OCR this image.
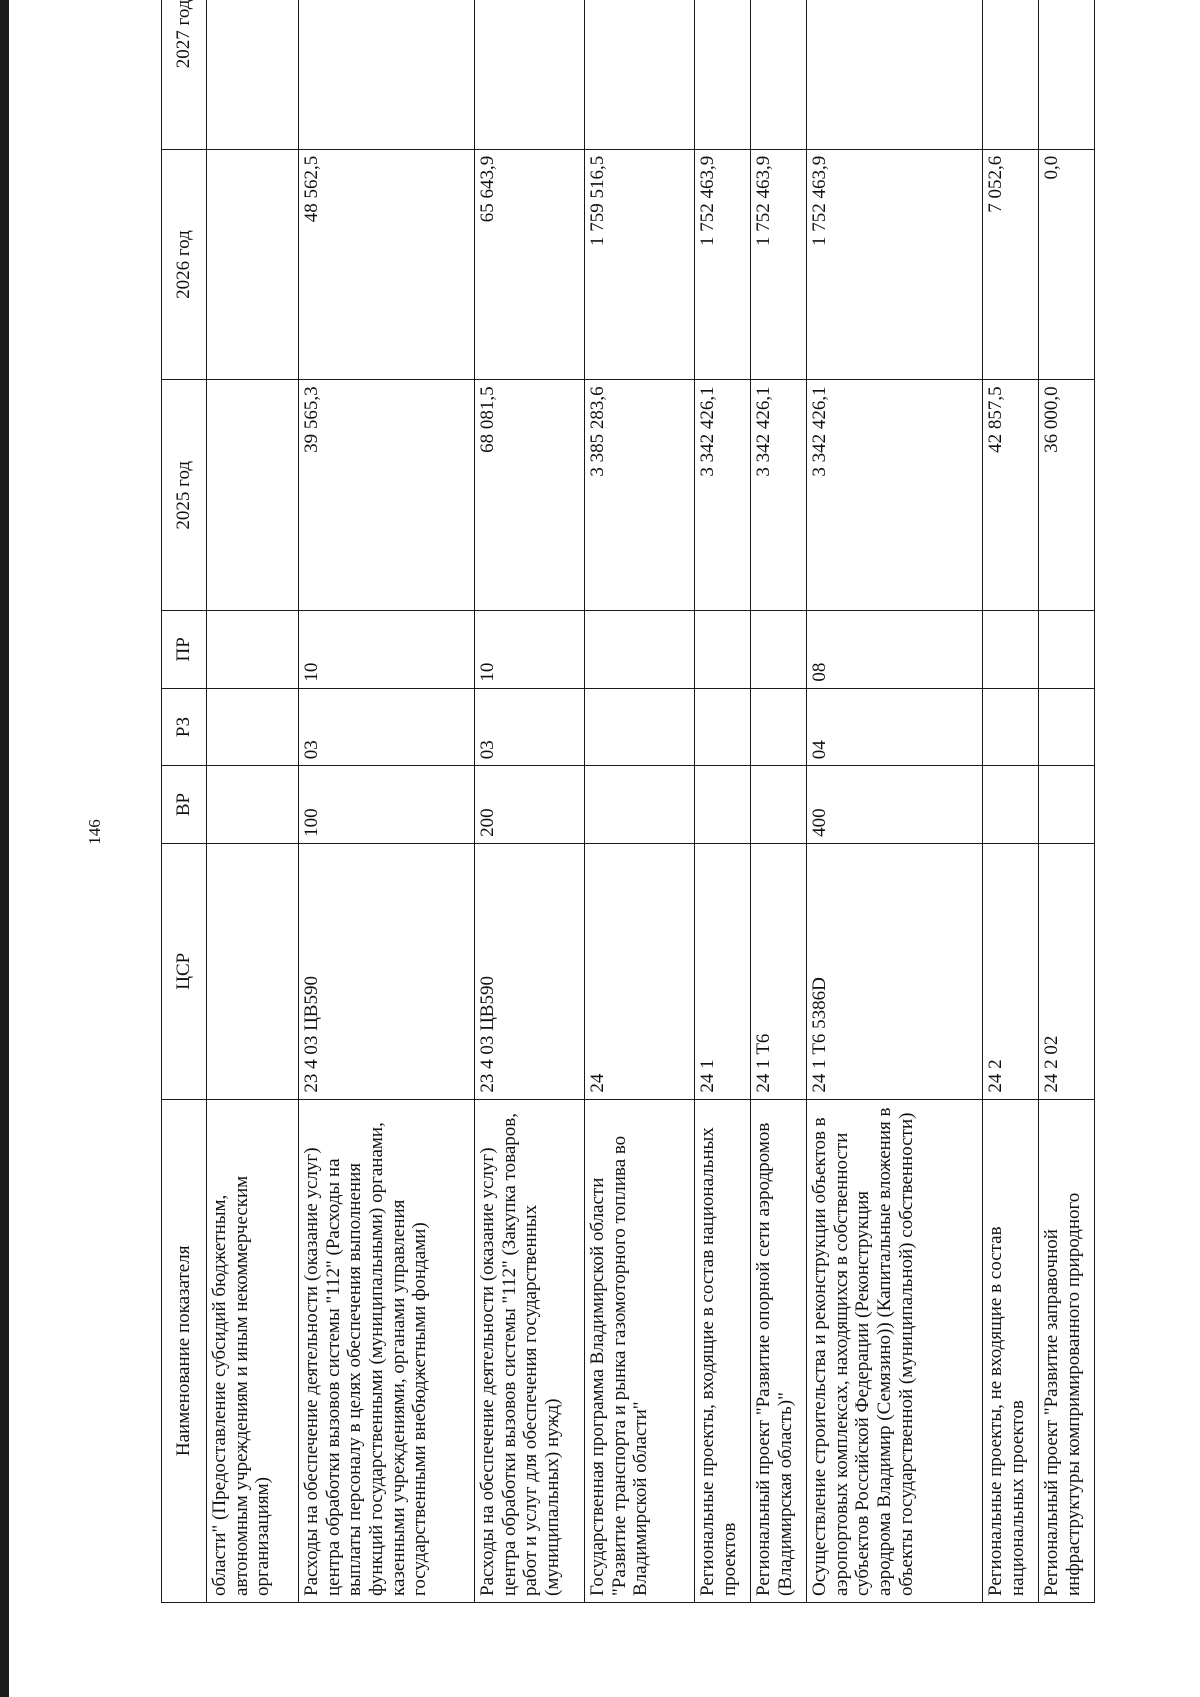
146
Наименование показателя	ЦСР	ВР	РЗ	ПР	2025 год	2026 год	2027 год
области" (Предоставление субсидий бюджетным, автономным учреждениям и иным некоммерческим организациям)							
Расходы на обеспечение деятельности (оказание услуг) центра обработки вызовов системы "112" (Расходы на выплаты персоналу в целях обеспечения выполнения функций государственными (муниципальными) органами, казенными учреждениями, органами управления государственными внебюджетными фондами)	23 4 03 ЦВ590	100	03	10	39 565,3	48 562,5	
Расходы на обеспечение деятельности (оказание услуг) центра обработки вызовов системы "112" (Закупка товаров, работ и услуг для обеспечения государственных (муниципальных) нужд)	23 4 03 ЦВ590	200	03	10	68 081,5	65 643,9	
Государственная программа Владимирской области "Развитие транспорта и рынка газомоторного топлива во Владимирской области"	24				3 385 283,6	1 759 516,5	
Региональные проекты, входящие в состав национальных проектов	24 1				3 342 426,1	1 752 463,9	
Региональный проект "Развитие опорной сети аэродромов (Владимирская область)"	24 1 Т6				3 342 426,1	1 752 463,9	
Осуществление строительства и реконструкции объектов в аэропортовых комплексах, находящихся в собственности субъектов Российской Федерации (Реконструкция аэродрома Владимир (Семязино)) (Капитальные вложения в объекты государственной (муниципальной) собственности)	24 1 Т6 5386D	400	04	08	3 342 426,1	1 752 463,9	
Региональные проекты, не входящие в состав национальных проектов	24 2				42 857,5	7 052,6	
Региональный проект "Развитие заправочной инфраструктуры компримированного природного	24 2 02				36 000,0	0,0	
